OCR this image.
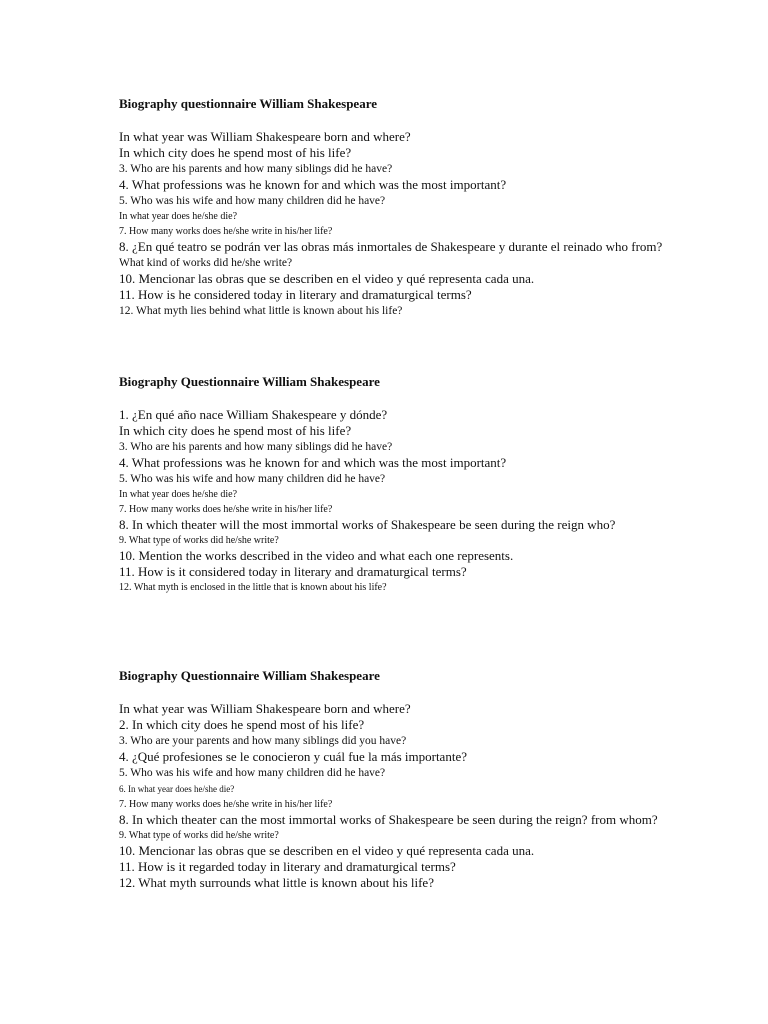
Biography questionnaire William Shakespeare

In what year was William Shakespeare born and where?

In which city does he spend most of his life?

3. Who are his parents and how many siblings did he have?

4. What professions was he known for and which was the most important?

5. Who was his wife and how many children did he have?

In what year does he/she die?

7. How many works does he/she write in his/her life?

8. ¿En qué teatro se podrán ver las obras más inmortales de Shakespeare y durante el reinado who from?

What kind of works did he/she write?

10. Mencionar las obras que se describen en el video y qué representa cada una.

11. How is he considered today in literary and dramaturgical terms?

12. What myth lies behind what little is known about his life?

Biography Questionnaire William Shakespeare

1. ¿En qué año nace William Shakespeare y dónde?

In which city does he spend most of his life?

3. Who are his parents and how many siblings did he have?

4. What professions was he known for and which was the most important?

5. Who was his wife and how many children did he have?

In what year does he/she die?

7. How many works does he/she write in his/her life?

8. In which theater will the most immortal works of Shakespeare be seen during the reign who?

9. What type of works did he/she write?

10. Mention the works described in the video and what each one represents.

11. How is it considered today in literary and dramaturgical terms?

12. What myth is enclosed in the little that is known about his life?

Biography Questionnaire William Shakespeare

In what year was William Shakespeare born and where?

2. In which city does he spend most of his life?

3. Who are your parents and how many siblings did you have?

4. ¿Qué profesiones se le conocieron y cuál fue la más importante?

5. Who was his wife and how many children did he have?

6. In what year does he/she die?

7. How many works does he/she write in his/her life?

8. In which theater can the most immortal works of Shakespeare be seen during the reign? from whom?

9. What type of works did he/she write?

10. Mencionar las obras que se describen en el video y qué representa cada una.

11. How is it regarded today in literary and dramaturgical terms?

12. What myth surrounds what little is known about his life?
